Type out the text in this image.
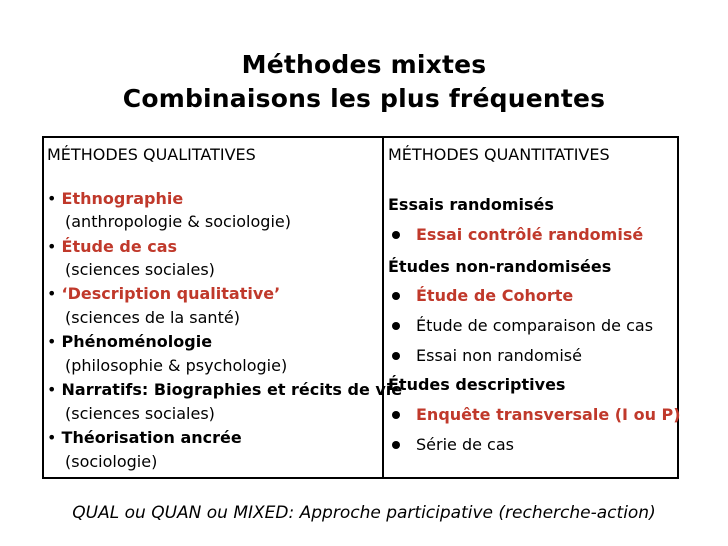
Méthodes mixtes
Combinaisons les plus fréquentes
MÉTHODES QUALITATIVES
• Ethnographie
(anthropologie & sociologie)
• Étude de cas
(sciences sociales)
• ‘Description qualitative’
(sciences de la santé)
• Phénoménologie
(philosophie & psychologie)
• Narratifs: Biographies et récits de vie
(sciences sociales)
• Théorisation ancrée
(sociologie)
MÉTHODES QUANTITATIVES
Essais randomisés
Essai contrôlé randomisé
Études non-randomisées
Étude de Cohorte
Étude de comparaison de cas
Essai non randomisé
Études descriptives
Enquête transversale (I ou P)
Série de cas
QUAL ou QUAN ou MIXED: Approche participative (recherche-action)
